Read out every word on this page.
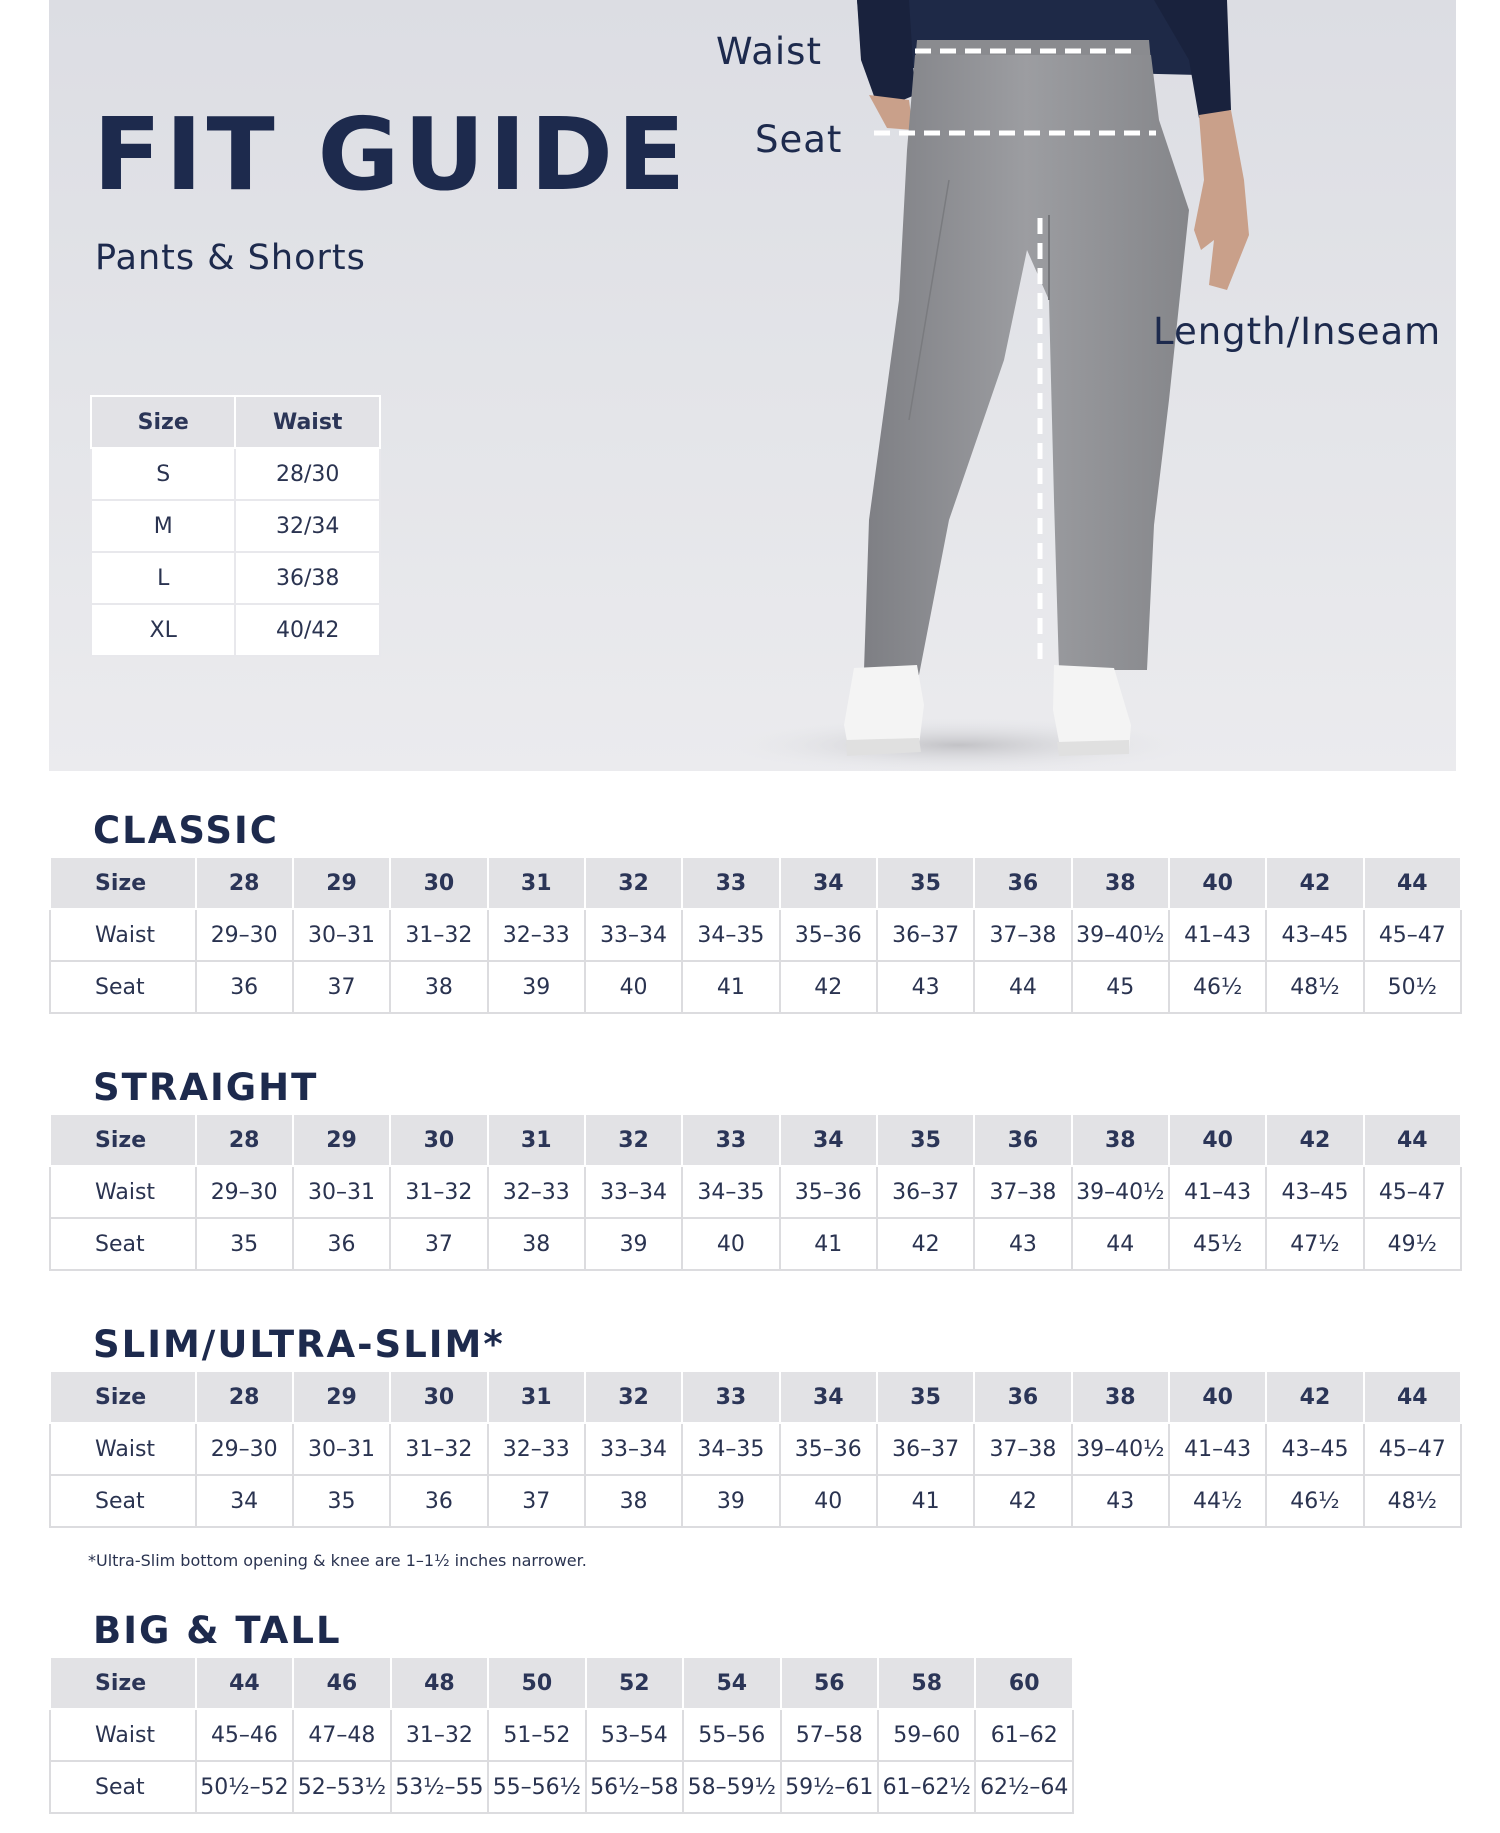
FIT GUIDE
Pants & Shorts
Waist
Seat
Length/Inseam
Size	Waist
S	28/30
M	32/34
L	36/38
XL	40/42
CLASSIC
Size	28	29	30	31	32	33	34	35	36	38	40	42	44
Waist	29–30	30–31	31–32	32–33	33–34	34–35	35–36	36–37	37–38	39–40½	41–43	43–45	45–47
Seat	36	37	38	39	40	41	42	43	44	45	46½	48½	50½
STRAIGHT
Size	28	29	30	31	32	33	34	35	36	38	40	42	44
Waist	29–30	30–31	31–32	32–33	33–34	34–35	35–36	36–37	37–38	39–40½	41–43	43–45	45–47
Seat	35	36	37	38	39	40	41	42	43	44	45½	47½	49½
SLIM/ULTRA-SLIM*
Size	28	29	30	31	32	33	34	35	36	38	40	42	44
Waist	29–30	30–31	31–32	32–33	33–34	34–35	35–36	36–37	37–38	39–40½	41–43	43–45	45–47
Seat	34	35	36	37	38	39	40	41	42	43	44½	46½	48½
*Ultra-Slim bottom opening & knee are 1–1½ inches narrower.
BIG & TALL
Size	44	46	48	50	52	54	56	58	60
Waist	45–46	47–48	31–32	51–52	53–54	55–56	57–58	59–60	61–62
Seat	50½–52	52–53½	53½–55	55–56½	56½–58	58–59½	59½–61	61–62½	62½–64
